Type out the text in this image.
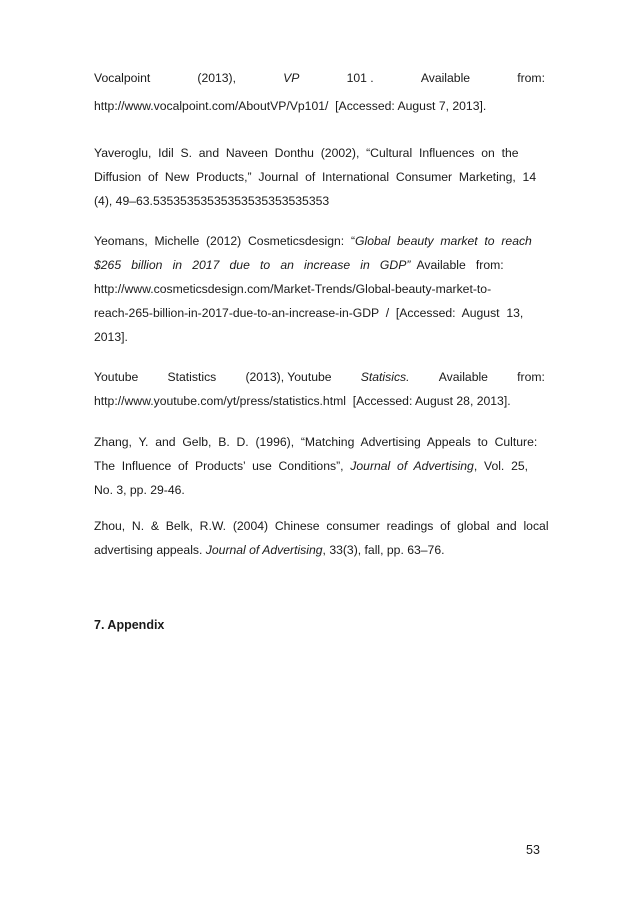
Vocalpoint	(2013),	VP	101 .	Available	from:
http://www.vocalpoint.com/AboutVP/Vp101/  [Accessed: August 7, 2013].
Yaveroglu,  Idil  S.  and  Naveen  Donthu  (2002),  “Cultural  Influences  on  the
Diffusion  of  New  Products,”  Journal  of  International  Consumer  Marketing,  14
(4), 49–63.53535353535353535353535353
Yeomans,  Michelle  (2012)  Cosmeticsdesign:  “Global  beauty  market  to  reach
$265   billion   in   2017   due   to   an   increase   in   GDP”  Available   from:
http://www.cosmeticsdesign.com/Market-Trends/Global-beauty-market-to-
reach-265-billion-in-2017-due-to-an-increase-in-GDP  /  [Accessed:  August  13,
2013].
Youtube Statistics (2013), Youtube Statisics. Available from:
http://www.youtube.com/yt/press/statistics.html  [Accessed: August 28, 2013].
Zhang,  Y.  and  Gelb,  B.  D.  (1996),  “Matching  Advertising  Appeals  to  Culture:
The  Influence  of  Products’  use  Conditions”,  Journal  of  Advertising,  Vol.  25,
No. 3, pp. 29-46.
Zhou,  N.  &  Belk,  R.W.  (2004)  Chinese  consumer  readings  of  global  and  local
advertising appeals. Journal of Advertising, 33(3), fall, pp. 63–76.
7. Appendix
53
